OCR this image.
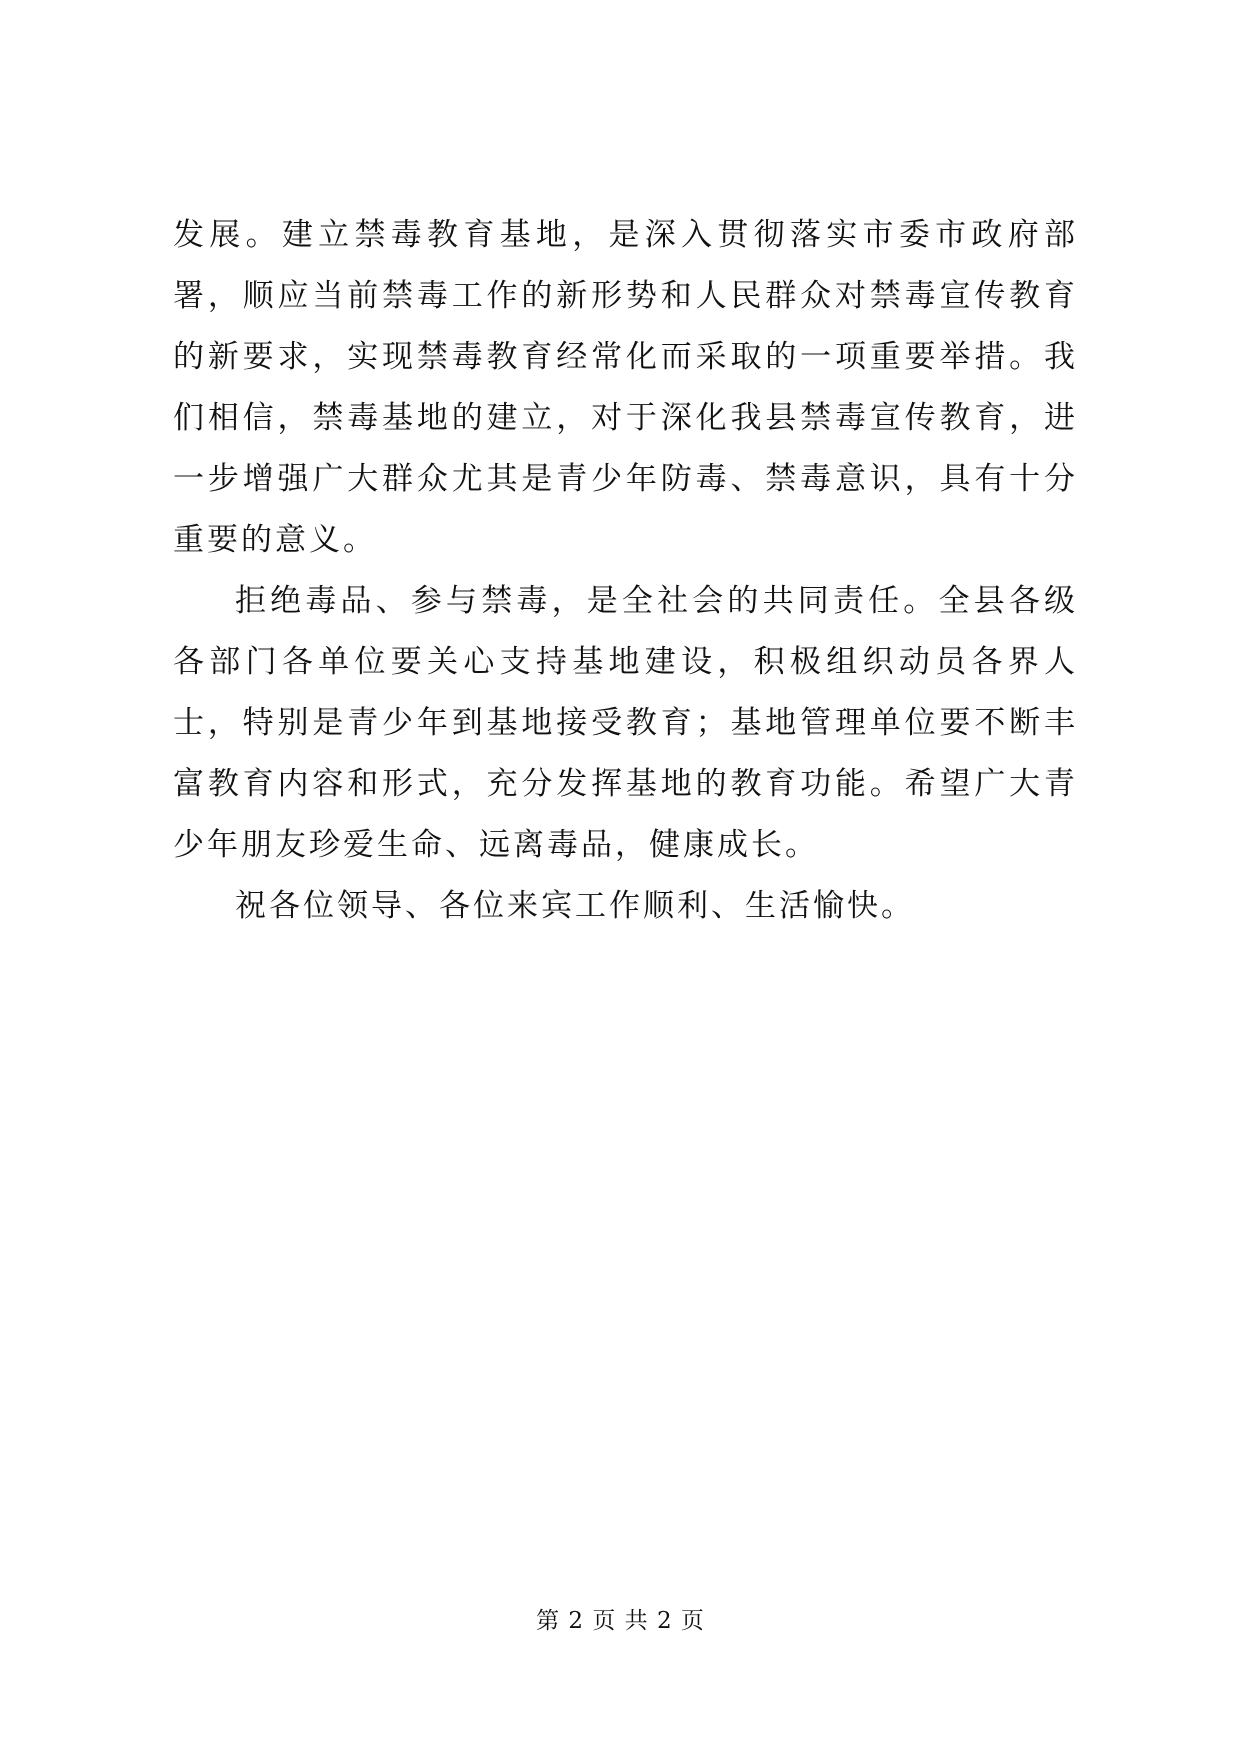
发展。建立禁毒教育基地，是深入贯彻落实市委市政府部署，顺应当前禁毒工作的新形势和人民群众对禁毒宣传教育的新要求，实现禁毒教育经常化而采取的一项重要举措。我们相信，禁毒基地的建立，对于深化我县禁毒宣传教育，进一步增强广大群众尤其是青少年防毒、禁毒意识，具有十分重要的意义。

拒绝毒品、参与禁毒，是全社会的共同责任。全县各级各部门各单位要关心支持基地建设，积极组织动员各界人士，特别是青少年到基地接受教育；基地管理单位要不断丰富教育内容和形式，充分发挥基地的教育功能。希望广大青少年朋友珍爱生命、远离毒品，健康成长。

祝各位领导、各位来宾工作顺利、生活愉快。

第 2 页 共 2 页
